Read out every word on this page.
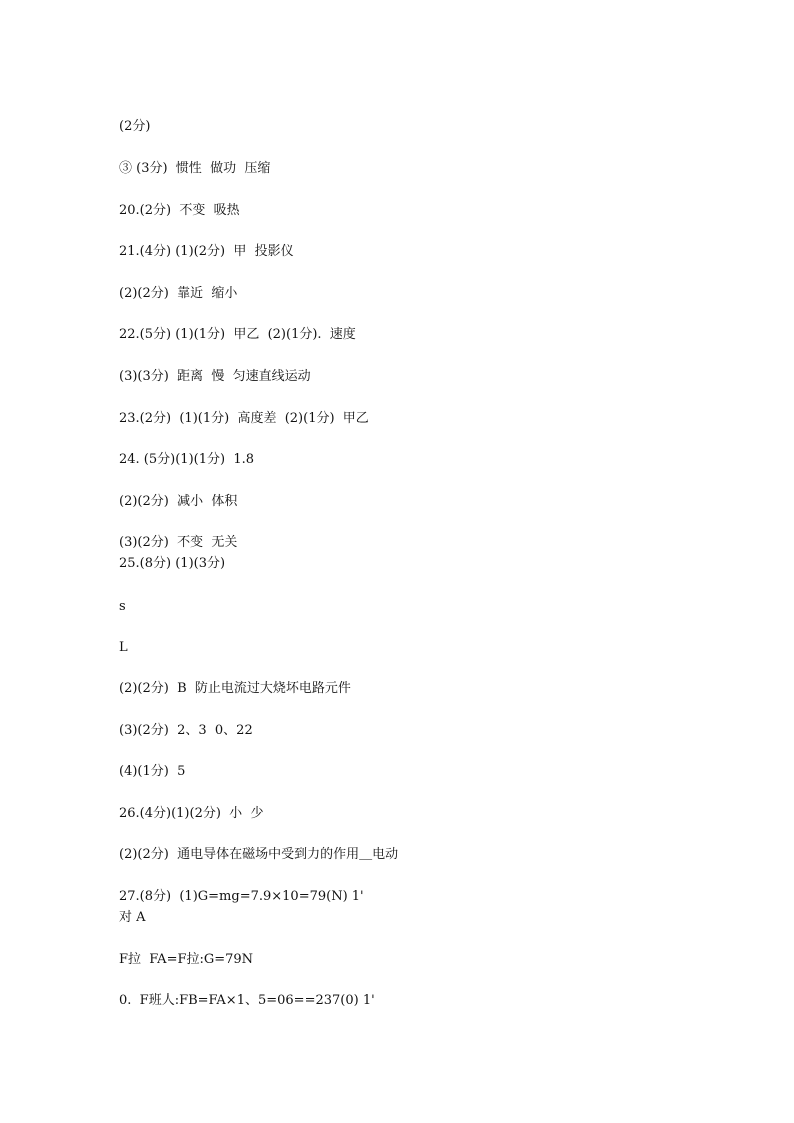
(2分)
③ (3分)  惯性  做功  压缩
20.(2分)  不变  吸热
21.(4分) (1)(2分)  甲  投影仪
(2)(2分)  靠近  缩小
22.(5分) (1)(1分)  甲乙  (2)(1分).  速度
(3)(3分)  距离  慢  匀速直线运动
23.(2分)  (1)(1分)  高度差  (2)(1分)  甲乙
24. (5分)(1)(1分)  1.8
(2)(2分)  减小  体积
(3)(2分)  不变  无关
25.(8分) (1)(3分)
s
L
(2)(2分)  B  防止电流过大烧坏电路元件
(3)(2分)  2、3  0、22
(4)(1分)  5
26.(4分)(1)(2分)  小  少
(2)(2分)  通电导体在磁场中受到力的作用＿电动
27.(8分)  (1)G=mg=7.9×10=79(N) 1'
对 A
F拉  FA=F拉:G=79N
0.  F班人:FB=FA×1、5=06==237(0) 1'
